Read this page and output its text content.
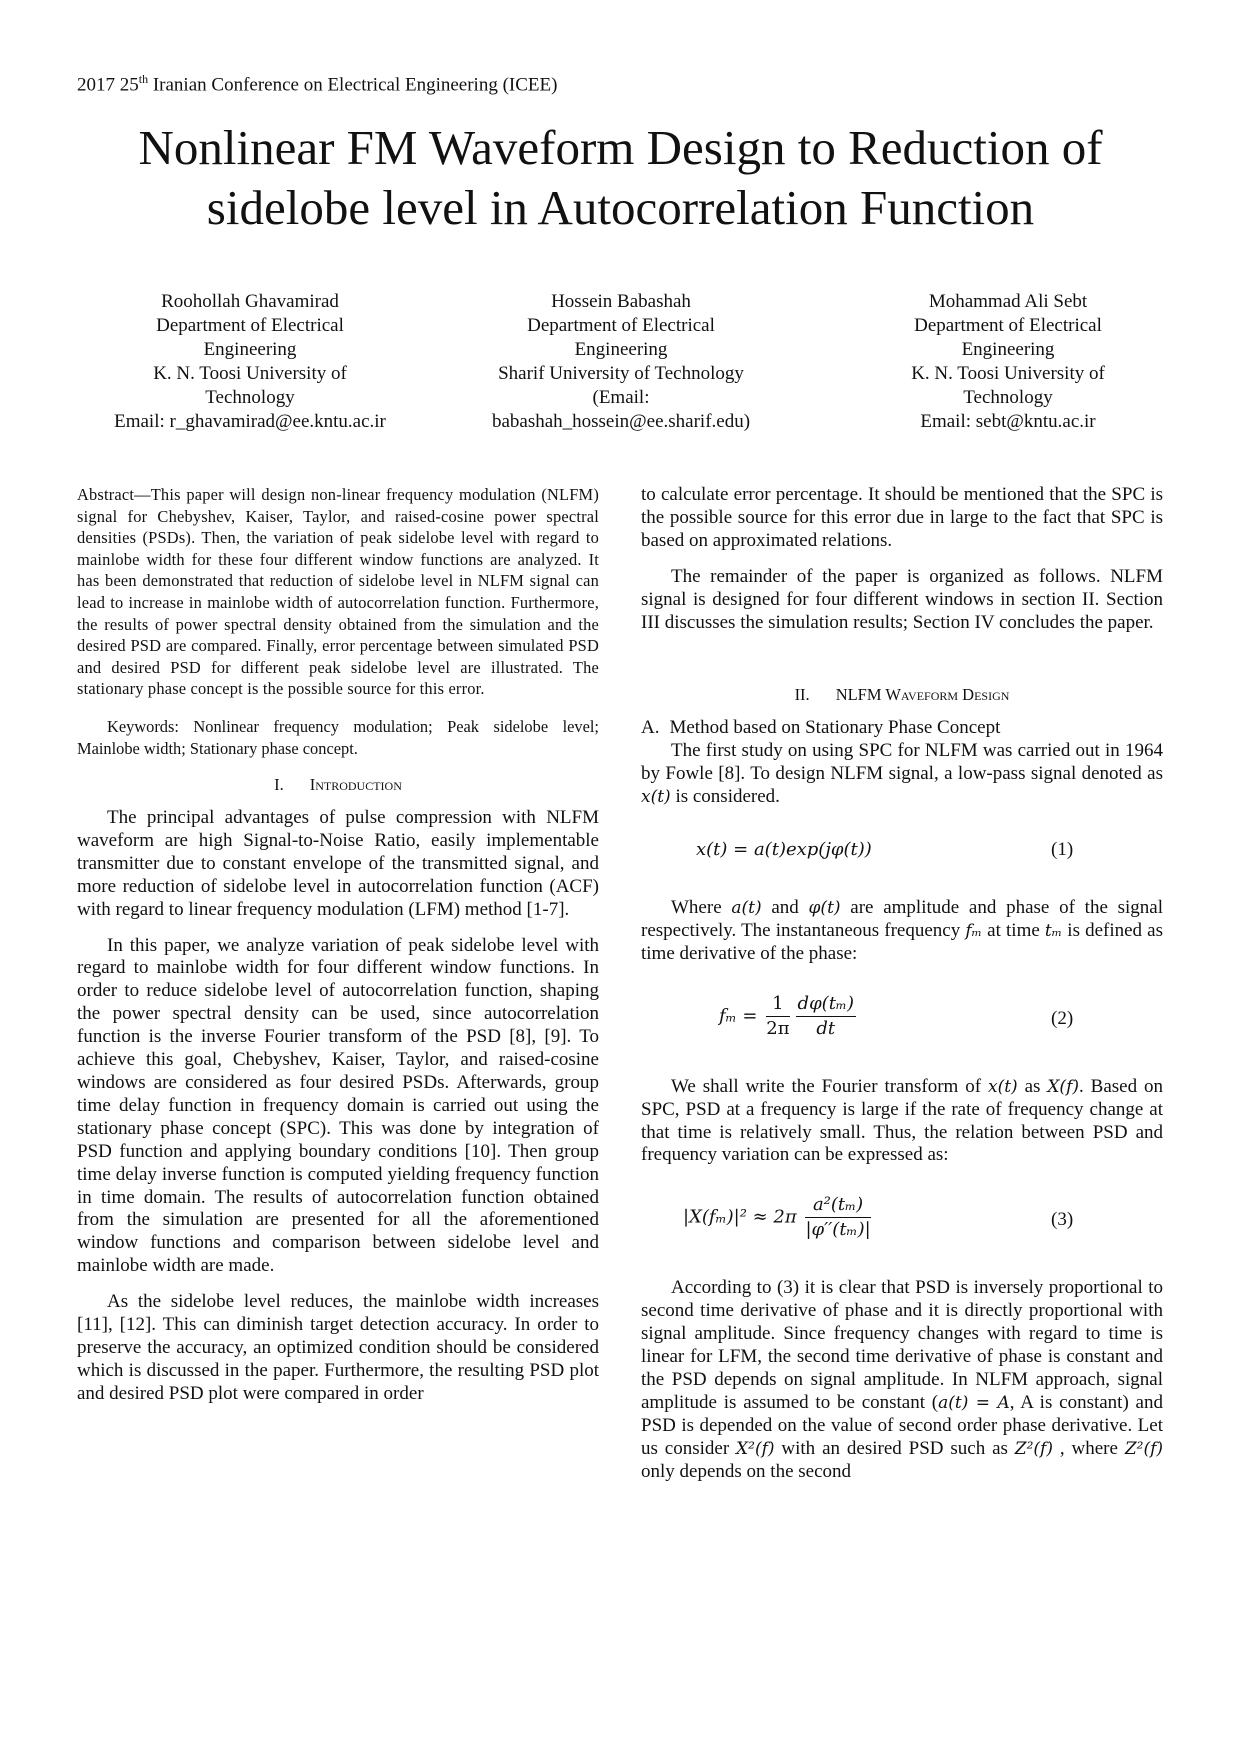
2017 25th Iranian Conference on Electrical Engineering (ICEE)
Nonlinear FM Waveform Design to Reduction of
sidelobe level in Autocorrelation Function
Roohollah Ghavamirad
Department of Electrical
Engineering
K. N. Toosi University of
Technology
Email: r_ghavamirad@ee.kntu.ac.ir
Hossein Babashah
Department of Electrical
Engineering
Sharif University of Technology
(Email:
babashah_hossein@ee.sharif.edu)
Mohammad Ali Sebt
Department of Electrical
Engineering
K. N. Toosi University of
Technology
Email: sebt@kntu.ac.ir

Abstract—This paper will design non-linear frequency modulation (NLFM) signal for Chebyshev, Kaiser, Taylor, and raised-cosine power spectral densities (PSDs). Then, the variation of peak sidelobe level with regard to mainlobe width for these four different window functions are analyzed. It has been demonstrated that reduction of sidelobe level in NLFM signal can lead to increase in mainlobe width of autocorrelation function. Furthermore, the results of power spectral density obtained from the simulation and the desired PSD are compared. Finally, error percentage between simulated PSD and desired PSD for different peak sidelobe level are illustrated. The stationary phase concept is the possible source for this error.

Keywords: Nonlinear frequency modulation; Peak sidelobe level; Mainlobe width; Stationary phase concept.

I. Introduction

The principal advantages of pulse compression with NLFM waveform are high Signal-to-Noise Ratio, easily implementable transmitter due to constant envelope of the transmitted signal, and more reduction of sidelobe level in autocorrelation function (ACF) with regard to linear frequency modulation (LFM) method [1-7].

In this paper, we analyze variation of peak sidelobe level with regard to mainlobe width for four different window functions. In order to reduce sidelobe level of autocorrelation function, shaping the power spectral density can be used, since autocorrelation function is the inverse Fourier transform of the PSD [8], [9]. To achieve this goal, Chebyshev, Kaiser, Taylor, and raised-cosine windows are considered as four desired PSDs. Afterwards, group time delay function in frequency domain is carried out using the stationary phase concept (SPC). This was done by integration of PSD function and applying boundary conditions [10]. Then group time delay inverse function is computed yielding frequency function in time domain. The results of autocorrelation function obtained from the simulation are presented for all the aforementioned window functions and comparison between sidelobe level and mainlobe width are made.

As the sidelobe level reduces, the mainlobe width increases [11], [12]. This can diminish target detection accuracy. In order to preserve the accuracy, an optimized condition should be considered which is discussed in the paper. Furthermore, the resulting PSD plot and desired PSD plot were compared in order

to calculate error percentage. It should be mentioned that the SPC is the possible source for this error due in large to the fact that SPC is based on approximated relations.

The remainder of the paper is organized as follows. NLFM signal is designed for four different windows in section II. Section III discusses the simulation results; Section IV concludes the paper.

II. NLFM Waveform Design
A. Method based on Stationary Phase Concept

The first study on using SPC for NLFM was carried out in 1964 by Fowle [8]. To design NLFM signal, a low-pass signal denoted as x(t) is considered.

x(t) = a(t)exp(jφ(t))	(1)

Where a(t) and φ(t) are amplitude and phase of the signal respectively. The instantaneous frequency fₘ at time tₘ is defined as time derivative of the phase:

$f_m = \frac{1}{2\pi} \frac{\text{dφ(tₘ)}}{dt}$	(2)

We shall write the Fourier transform of x(t) as X(f). Based on SPC, PSD at a frequency is large if the rate of frequency change at that time is relatively small. Thus, the relation between PSD and frequency variation can be expressed as:

$|X(f_m)|^2 \approx 2\pi \frac{\text{a²(tₘ)}}{\text{|φ′′(tₘ)|}}$	(3)

According to (3) it is clear that PSD is inversely proportional to second time derivative of phase and it is directly proportional with signal amplitude. Since frequency changes with regard to time is linear for LFM, the second time derivative of phase is constant and the PSD depends on signal amplitude. In NLFM approach, signal amplitude is assumed to be constant (a(t) = A, A is constant) and PSD is depended on the value of second order phase derivative. Let us consider X²(f) with an desired PSD such as Z²(f) , where Z²(f) only depends on the second
